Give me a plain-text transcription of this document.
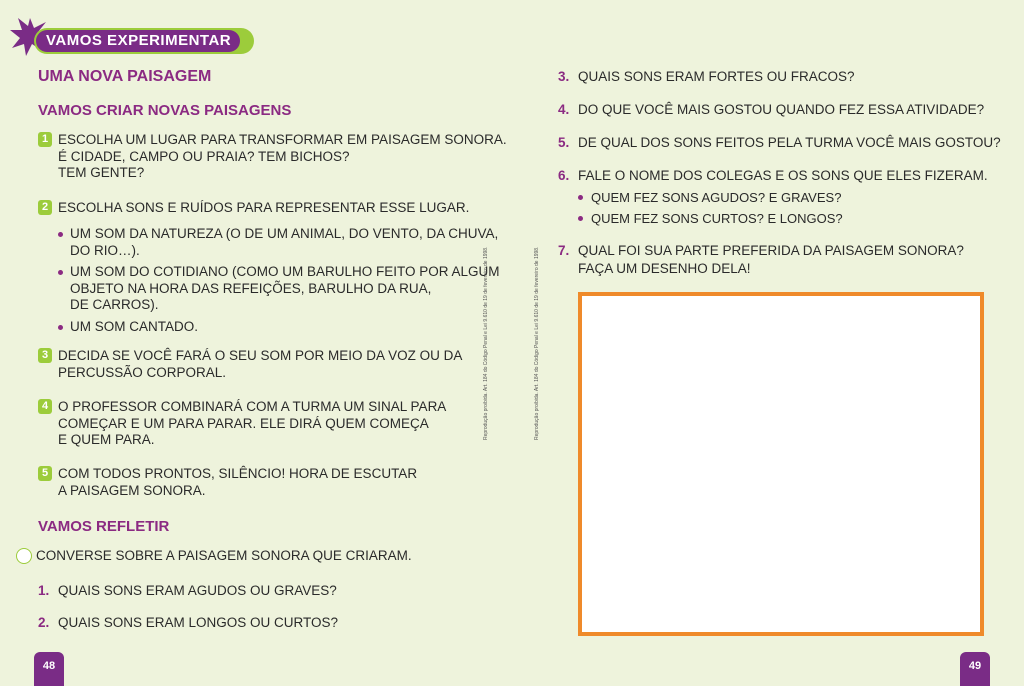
VAMOS EXPERIMENTAR
UMA NOVA PAISAGEM
VAMOS CRIAR NOVAS PAISAGENS
1 ESCOLHA UM LUGAR PARA TRANSFORMAR EM PAISAGEM SONORA.
É CIDADE, CAMPO OU PRAIA? TEM BICHOS?
TEM GENTE?
2 ESCOLHA SONS E RUÍDOS PARA REPRESENTAR ESSE LUGAR.
UM SOM DA NATUREZA (O DE UM ANIMAL, DO VENTO, DA CHUVA,
DO RIO…).
UM SOM DO COTIDIANO (COMO UM BARULHO FEITO POR ALGUM
OBJETO NA HORA DAS REFEIÇÕES, BARULHO DA RUA,
DE CARROS).
UM SOM CANTADO.
3 DECIDA SE VOCÊ FARÁ O SEU SOM POR MEIO DA VOZ OU DA
PERCUSSÃO CORPORAL.
4 O PROFESSOR COMBINARÁ COM A TURMA UM SINAL PARA
COMEÇAR E UM PARA PARAR. ELE DIRÁ QUEM COMEÇA
E QUEM PARA.
5 COM TODOS PRONTOS, SILÊNCIO! HORA DE ESCUTAR
A PAISAGEM SONORA.
VAMOS REFLETIR
CONVERSE SOBRE A PAISAGEM SONORA QUE CRIARAM.
1. QUAIS SONS ERAM AGUDOS OU GRAVES?
2. QUAIS SONS ERAM LONGOS OU CURTOS?
48
Reprodução proibida. Art. 184 do Código Penal e Lei 9.610 de 19 de fevereiro de 1998.	Reprodução proibida. Art. 184 do Código Penal e Lei 9.610 de 19 de fevereiro de 1998.
3. QUAIS SONS ERAM FORTES OU FRACOS?
4. DO QUE VOCÊ MAIS GOSTOU QUANDO FEZ ESSA ATIVIDADE?
5. DE QUAL DOS SONS FEITOS PELA TURMA VOCÊ MAIS GOSTOU?
6. FALE O NOME DOS COLEGAS E OS SONS QUE ELES FIZERAM.
QUEM FEZ SONS AGUDOS? E GRAVES?
QUEM FEZ SONS CURTOS? E LONGOS?
7. QUAL FOI SUA PARTE PREFERIDA DA PAISAGEM SONORA?
FAÇA UM DESENHO DELA!
49
